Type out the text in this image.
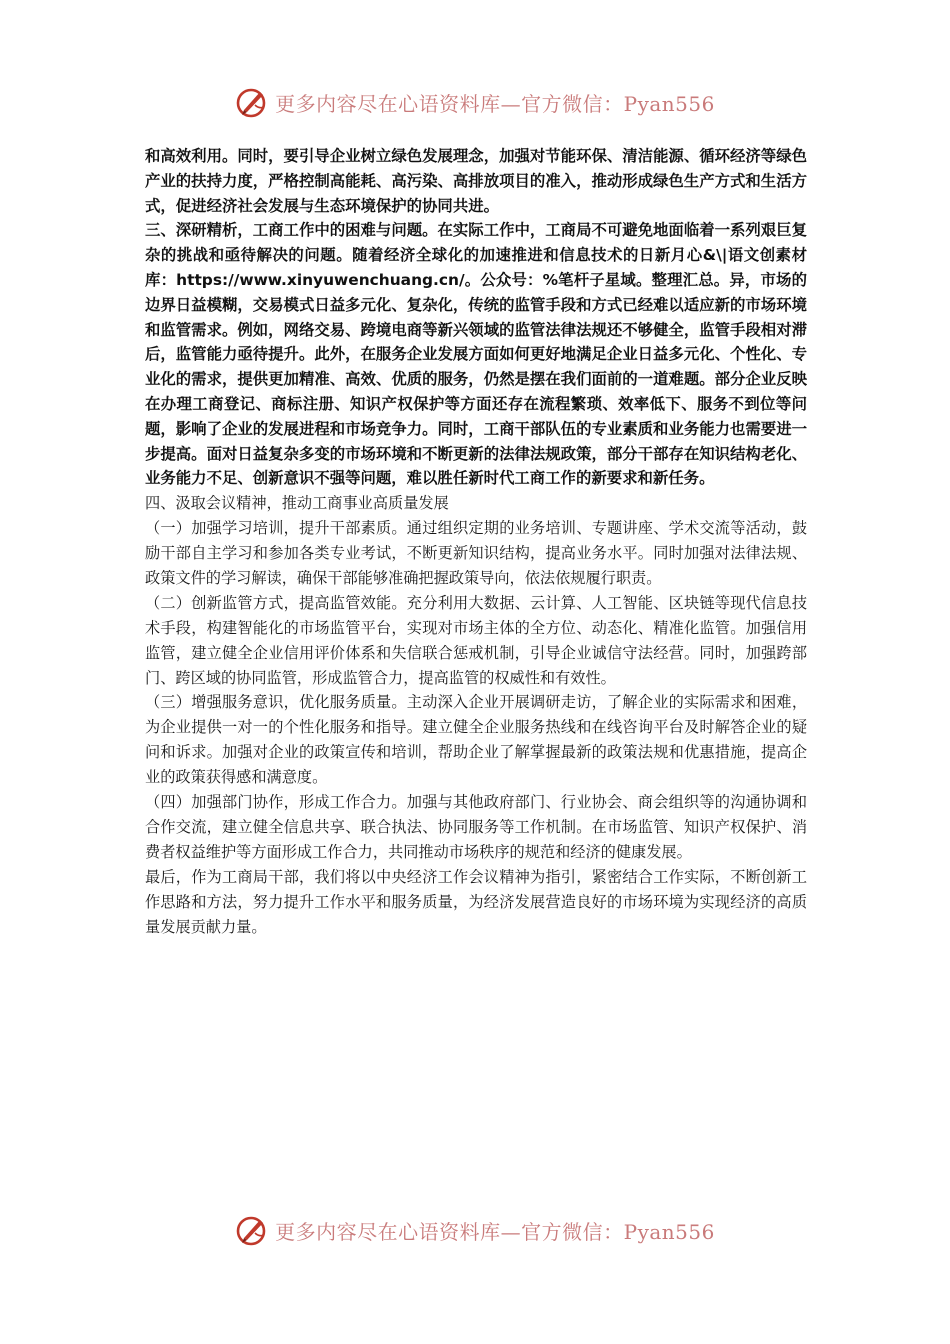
更多内容尽在心语资料库—官方微信：Pyan556

和高效利用。同时，要引导企业树立绿色发展理念，加强对节能环保、清洁能源、循环经济等绿色产业的扶持力度，严格控制高能耗、高污染、高排放项目的准入，推动形成绿色生产方式和生活方式，促进经济社会发展与生态环境保护的协同共进。

三、深研精析，工商工作中的困难与问题。在实际工作中，工商局不可避免地面临着一系列艰巨复杂的挑战和亟待解决的问题。随着经济全球化的加速推进和信息技术的日新月心&\|语文创素材库：https://www.xinyuwenchuang.cn/。公众号：%笔杆子星域。整理汇总。异，市场的边界日益模糊，交易模式日益多元化、复杂化，传统的监管手段和方式已经难以适应新的市场环境和监管需求。例如，网络交易、跨境电商等新兴领域的监管法律法规还不够健全，监管手段相对滞后，监管能力亟待提升。此外，在服务企业发展方面如何更好地满足企业日益多元化、个性化、专业化的需求，提供更加精准、高效、优质的服务，仍然是摆在我们面前的一道难题。部分企业反映在办理工商登记、商标注册、知识产权保护等方面还存在流程繁琐、效率低下、服务不到位等问题，影响了企业的发展进程和市场竞争力。同时，工商干部队伍的专业素质和业务能力也需要进一步提高。面对日益复杂多变的市场环境和不断更新的法律法规政策，部分干部存在知识结构老化、业务能力不足、创新意识不强等问题，难以胜任新时代工商工作的新要求和新任务。

四、汲取会议精神，推动工商事业高质量发展

（一）加强学习培训，提升干部素质。通过组织定期的业务培训、专题讲座、学术交流等活动，鼓励干部自主学习和参加各类专业考试，不断更新知识结构，提高业务水平。同时加强对法律法规、政策文件的学习解读，确保干部能够准确把握政策导向，依法依规履行职责。

（二）创新监管方式，提高监管效能。充分利用大数据、云计算、人工智能、区块链等现代信息技术手段，构建智能化的市场监管平台，实现对市场主体的全方位、动态化、精准化监管。加强信用监管，建立健全企业信用评价体系和失信联合惩戒机制，引导企业诚信守法经营。同时，加强跨部门、跨区域的协同监管，形成监管合力，提高监管的权威性和有效性。

（三）增强服务意识，优化服务质量。主动深入企业开展调研走访，了解企业的实际需求和困难，为企业提供一对一的个性化服务和指导。建立健全企业服务热线和在线咨询平台及时解答企业的疑问和诉求。加强对企业的政策宣传和培训，帮助企业了解掌握最新的政策法规和优惠措施，提高企业的政策获得感和满意度。

（四）加强部门协作，形成工作合力。加强与其他政府部门、行业协会、商会组织等的沟通协调和合作交流，建立健全信息共享、联合执法、协同服务等工作机制。在市场监管、知识产权保护、消费者权益维护等方面形成工作合力，共同推动市场秩序的规范和经济的健康发展。

最后，作为工商局干部，我们将以中央经济工作会议精神为指引，紧密结合工作实际，不断创新工作思路和方法，努力提升工作水平和服务质量，为经济发展营造良好的市场环境为实现经济的高质量发展贡献力量。

更多内容尽在心语资料库—官方微信：Pyan556
